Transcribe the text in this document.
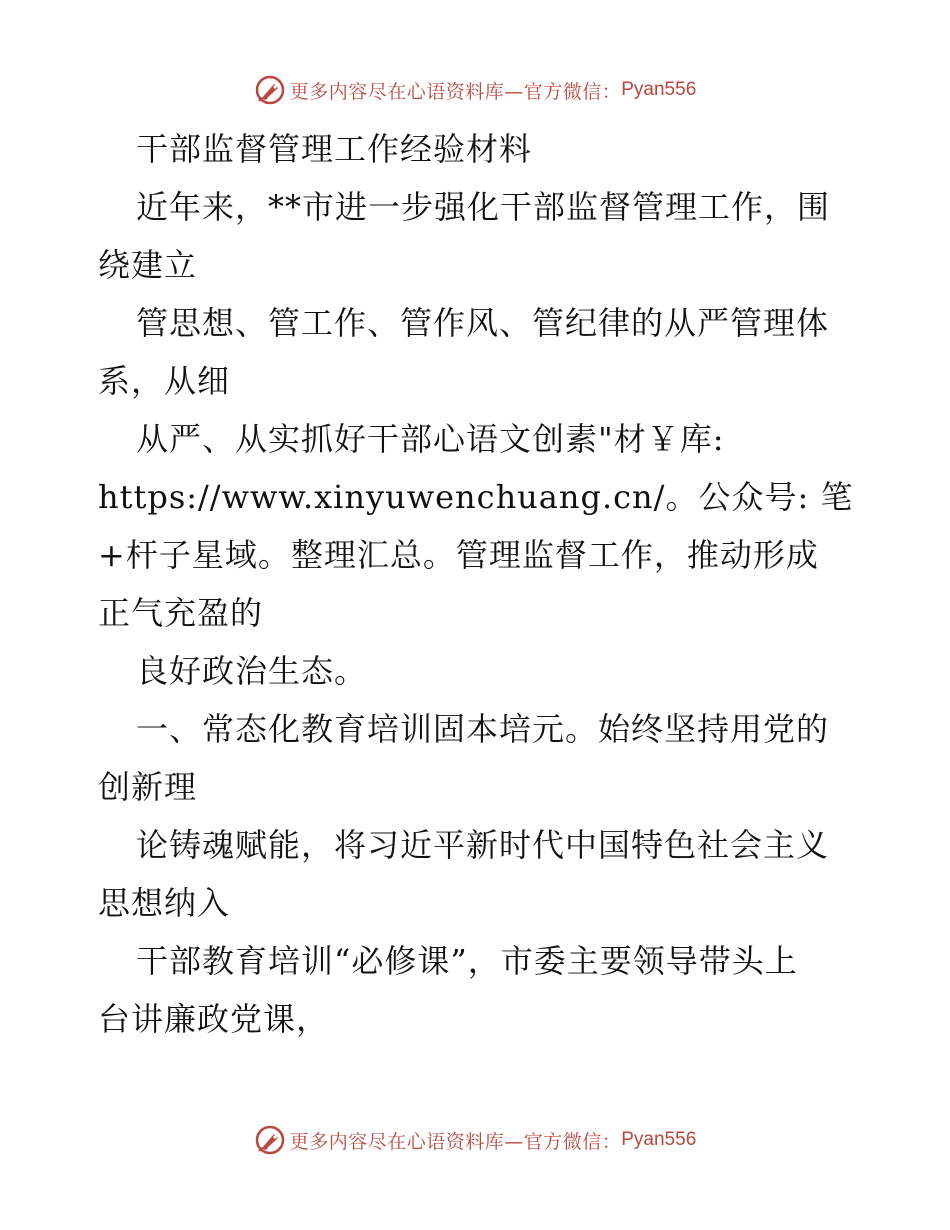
更多内容尽在心语资料库—官方微信： Pyan556

干部监督管理工作经验材料

近年来，**市进一步强化干部监督管理工作，围

绕建立

管思想、管工作、管作风、管纪律的从严管理体

系，从细

从严、从实抓好干部心语文创素"材￥库:

https://www.xinyuwenchuang.cn/。公众号: 笔

+杆子星域。整理汇总。管理监督工作，推动形成

正气充盈的

良好政治生态。

一、常态化教育培训固本培元。始终坚持用党的

创新理

论铸魂赋能，将习近平新时代中国特色社会主义

思想纳入

干部教育培训“必修课”，市委主要领导带头上

台讲廉政党课，

更多内容尽在心语资料库—官方微信： Pyan556
